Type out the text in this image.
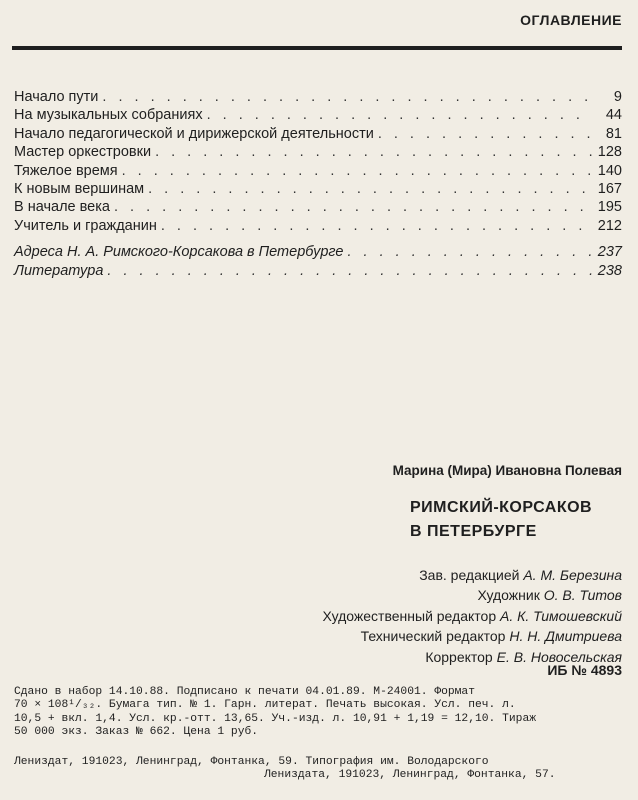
ОГЛАВЛЕНИЕ
Начало пути . . .	9
На музыкальных собраниях . . .	44
Начало педагогической и дирижерской деятельности . . .	81
Мастер оркестровки . . .	128
Тяжелое время . . .	140
К новым вершинам . . .	167
В начале века . . .	195
Учитель и гражданин . . .	212
Адреса Н. А. Римского-Корсакова в Петербурге . . .	237
Литература . . .	238
Марина (Мира) Ивановна Полевая
РИМСКИЙ-КОРСАКОВ
В ПЕТЕРБУРГЕ
Зав. редакцией А. М. Березина
Художник О. В. Титов
Художественный редактор А. К. Тимошевский
Технический редактор Н. Н. Дмитриева
Корректор Е. В. Новосельская
ИБ № 4893
Сдано в набор 14.10.88. Подписано к печати 04.01.89. М-24001. Формат
70 × 108¹/₃₂. Бумага тип. № 1. Гарн. литерат. Печать высокая. Усл. печ. л.
10,5 + вкл. 1,4. Усл. кр.-отт. 13,65. Уч.-изд. л. 10,91 + 1,19 = 12,10. Тираж
50 000 экз. Заказ № 662. Цена 1 руб.
Лениздат, 191023, Ленинград, Фонтанка, 59. Типография им. Володарского
Лениздата, 191023, Ленинград, Фонтанка, 57.
